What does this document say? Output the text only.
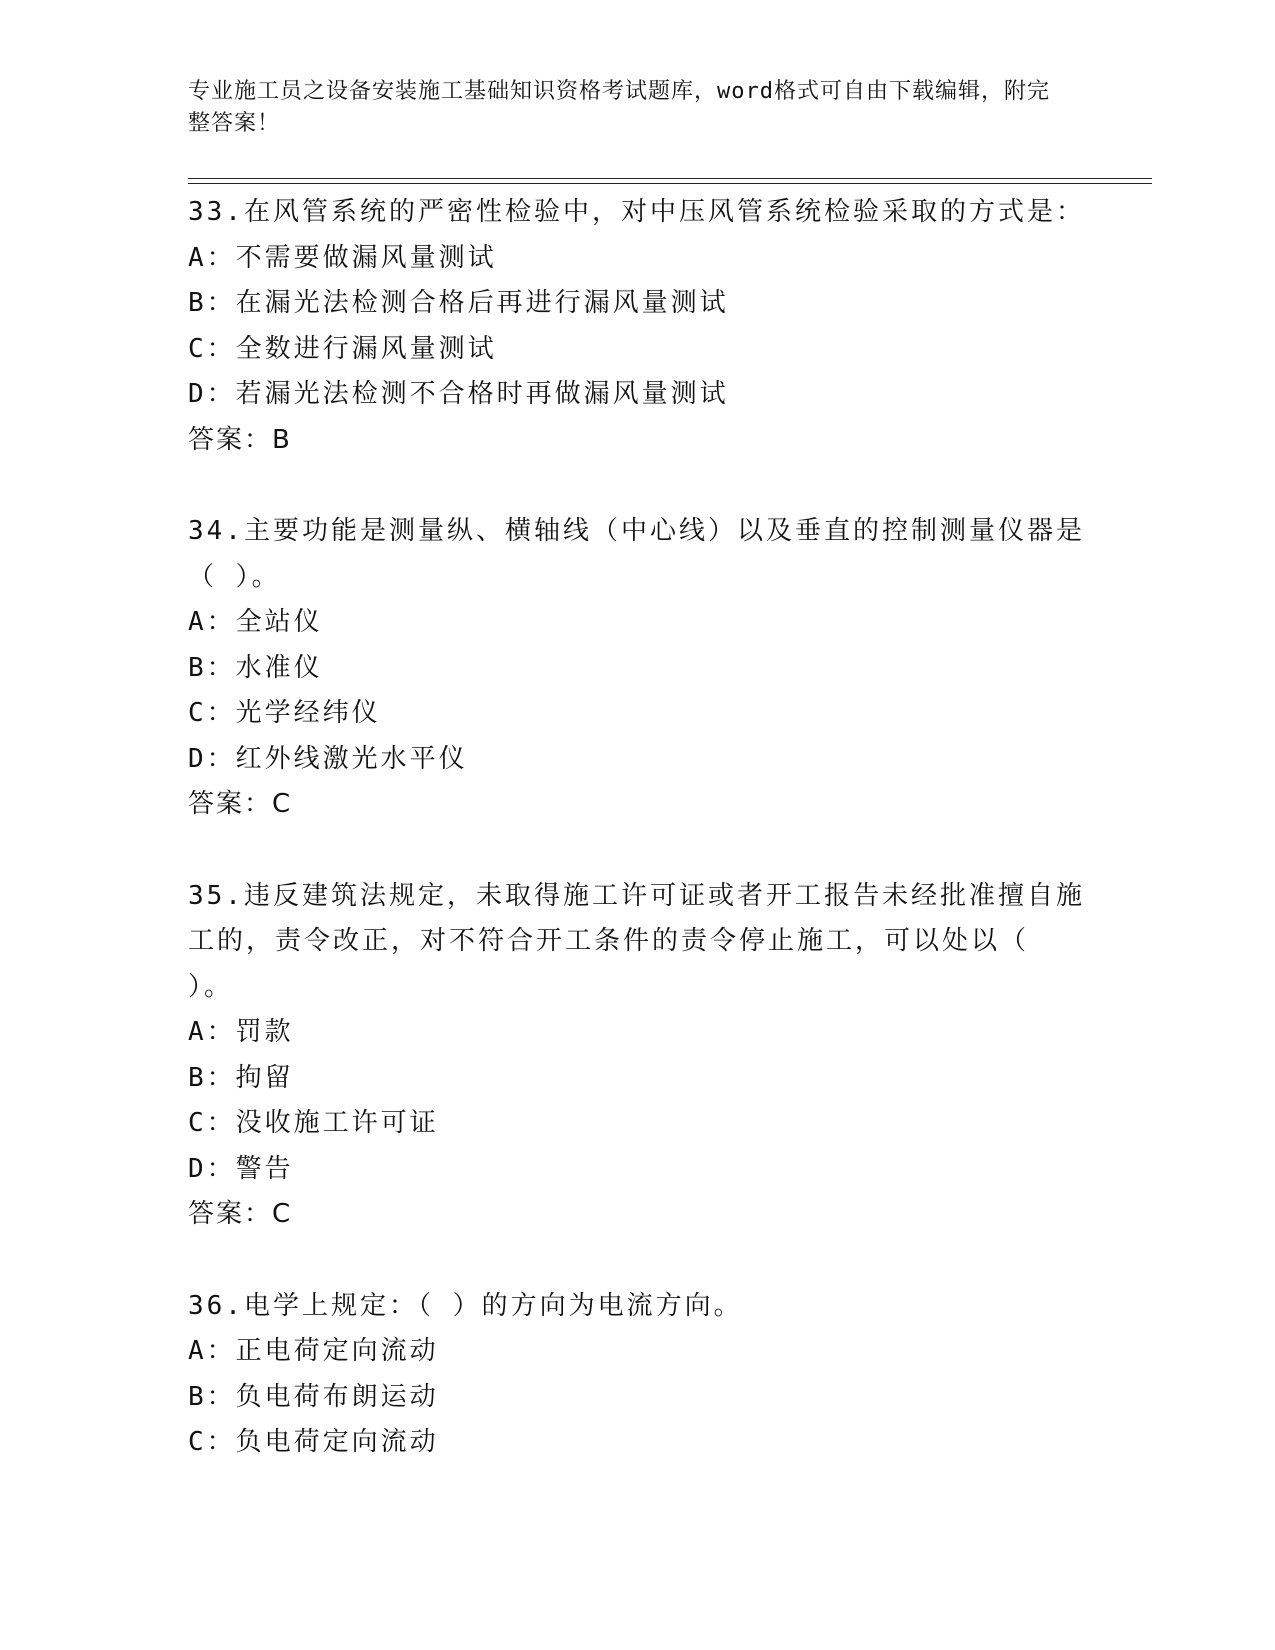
专业施工员之设备安装施工基础知识资格考试题库，word格式可自由下载编辑，附完整答案！
33.在风管系统的严密性检验中，对中压风管系统检验采取的方式是：
A：不需要做漏风量测试
B：在漏光法检测合格后再进行漏风量测试
C：全数进行漏风量测试
D：若漏光法检测不合格时再做漏风量测试
答案：B
34.主要功能是测量纵、横轴线（中心线）以及垂直的控制测量仪器是（ ）。
A：全站仪
B：水准仪
C：光学经纬仪
D：红外线激光水平仪
答案：C
35.违反建筑法规定，未取得施工许可证或者开工报告未经批准擅自施工的，责令改正，对不符合开工条件的责令停止施工，可以处以（ ）。
A：罚款
B：拘留
C：没收施工许可证
D：警告
答案：C
36.电学上规定：（ ）的方向为电流方向。
A：正电荷定向流动
B：负电荷布朗运动
C：负电荷定向流动
